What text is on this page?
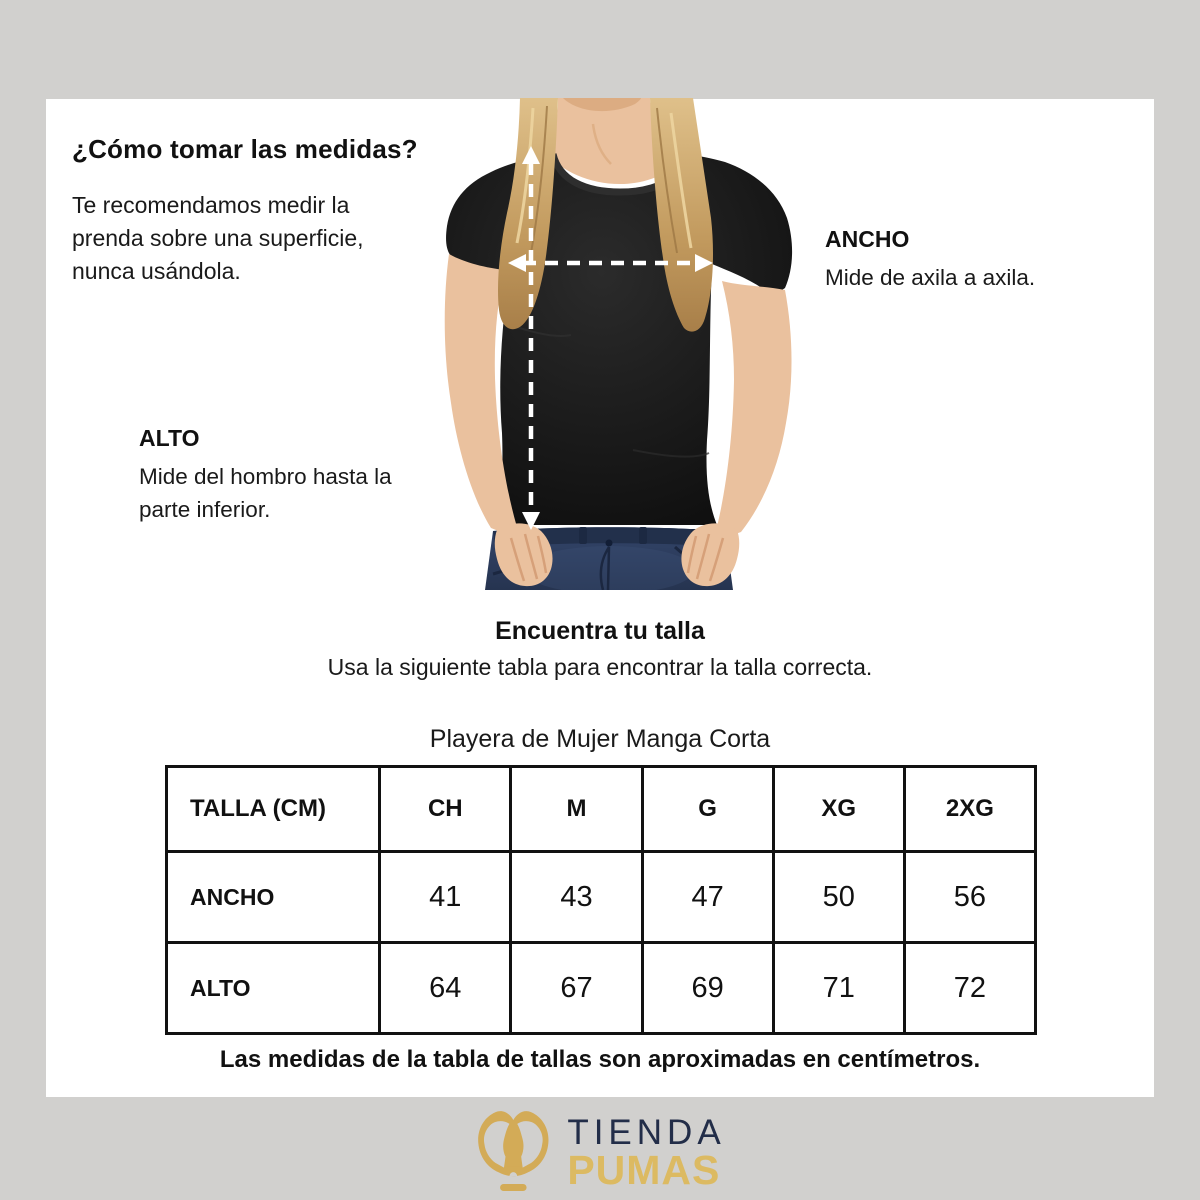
¿Cómo tomar las medidas?
Te recomendamos medir la prenda sobre una superficie, nunca usándola.
ANCHO
Mide de axila a axila.
ALTO
Mide del hombro hasta la parte inferior.
Encuentra tu talla
Usa la siguiente tabla para encontrar la talla correcta.
Playera de Mujer Manga Corta
TALLA (CM)	CH	M	G	XG	2XG
ANCHO	41	43	47	50	56
ALTO	64	67	69	71	72
Las medidas de la tabla de tallas son aproximadas en centímetros.
TIENDA
PUMAS
